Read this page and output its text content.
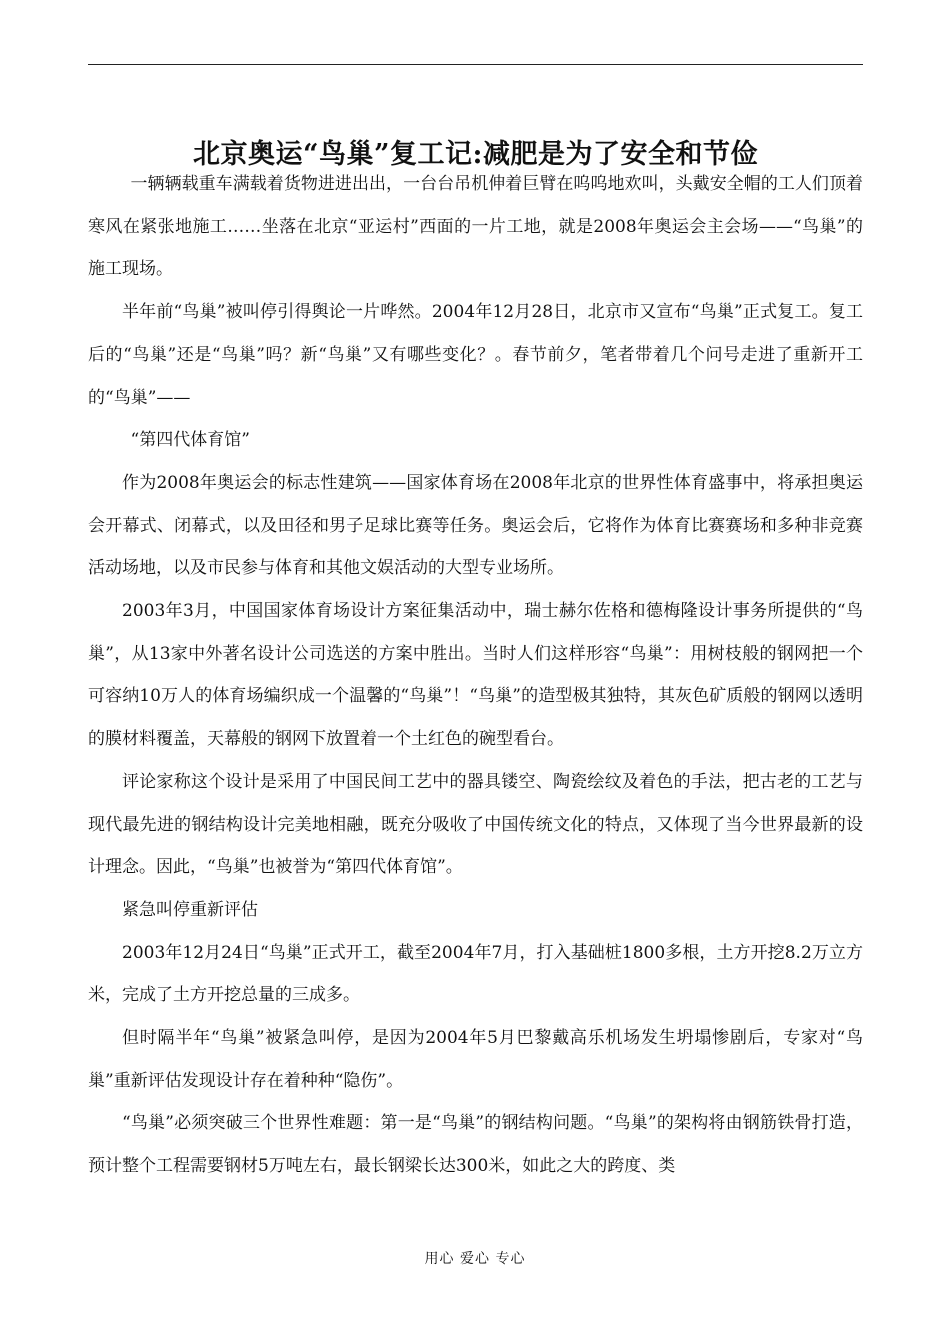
北京奥运“鸟巢”复工记:减肥是为了安全和节俭

一辆辆载重车满载着货物进进出出，一台台吊机伸着巨臂在呜呜地欢叫，头戴安全帽的工人们顶着寒风在紧张地施工……坐落在北京“亚运村”西面的一片工地，就是2008年奥运会主会场——“鸟巢”的施工现场。

半年前“鸟巢”被叫停引得舆论一片哗然。2004年12月28日，北京市又宣布“鸟巢”正式复工。复工后的“鸟巢”还是“鸟巢”吗？新“鸟巢”又有哪些变化？。春节前夕，笔者带着几个问号走进了重新开工的“鸟巢”——

“第四代体育馆”

作为2008年奥运会的标志性建筑——国家体育场在2008年北京的世界性体育盛事中，将承担奥运会开幕式、闭幕式，以及田径和男子足球比赛等任务。奥运会后，它将作为体育比赛赛场和多种非竞赛活动场地，以及市民参与体育和其他文娱活动的大型专业场所。

2003年3月，中国国家体育场设计方案征集活动中，瑞士赫尔佐格和德梅隆设计事务所提供的“鸟巢”，从13家中外著名设计公司选送的方案中胜出。当时人们这样形容“鸟巢”：用树枝般的钢网把一个可容纳10万人的体育场编织成一个温馨的“鸟巢”！“鸟巢”的造型极其独特，其灰色矿质般的钢网以透明的膜材料覆盖，天幕般的钢网下放置着一个土红色的碗型看台。

评论家称这个设计是采用了中国民间工艺中的器具镂空、陶瓷绘纹及着色的手法，把古老的工艺与现代最先进的钢结构设计完美地相融，既充分吸收了中国传统文化的特点，又体现了当今世界最新的设计理念。因此，“鸟巢”也被誉为“第四代体育馆”。

紧急叫停重新评估

2003年12月24日“鸟巢”正式开工，截至2004年7月，打入基础桩1800多根，土方开挖8.2万立方米，完成了土方开挖总量的三成多。

但时隔半年“鸟巢”被紧急叫停，是因为2004年5月巴黎戴高乐机场发生坍塌惨剧后，专家对“鸟巢”重新评估发现设计存在着种种“隐伤”。

“鸟巢”必须突破三个世界性难题：第一是“鸟巢”的钢结构问题。“鸟巢”的架构将由钢筋铁骨打造，预计整个工程需要钢材5万吨左右，最长钢梁长达300米，如此之大的跨度、类

用心 爱心 专心
